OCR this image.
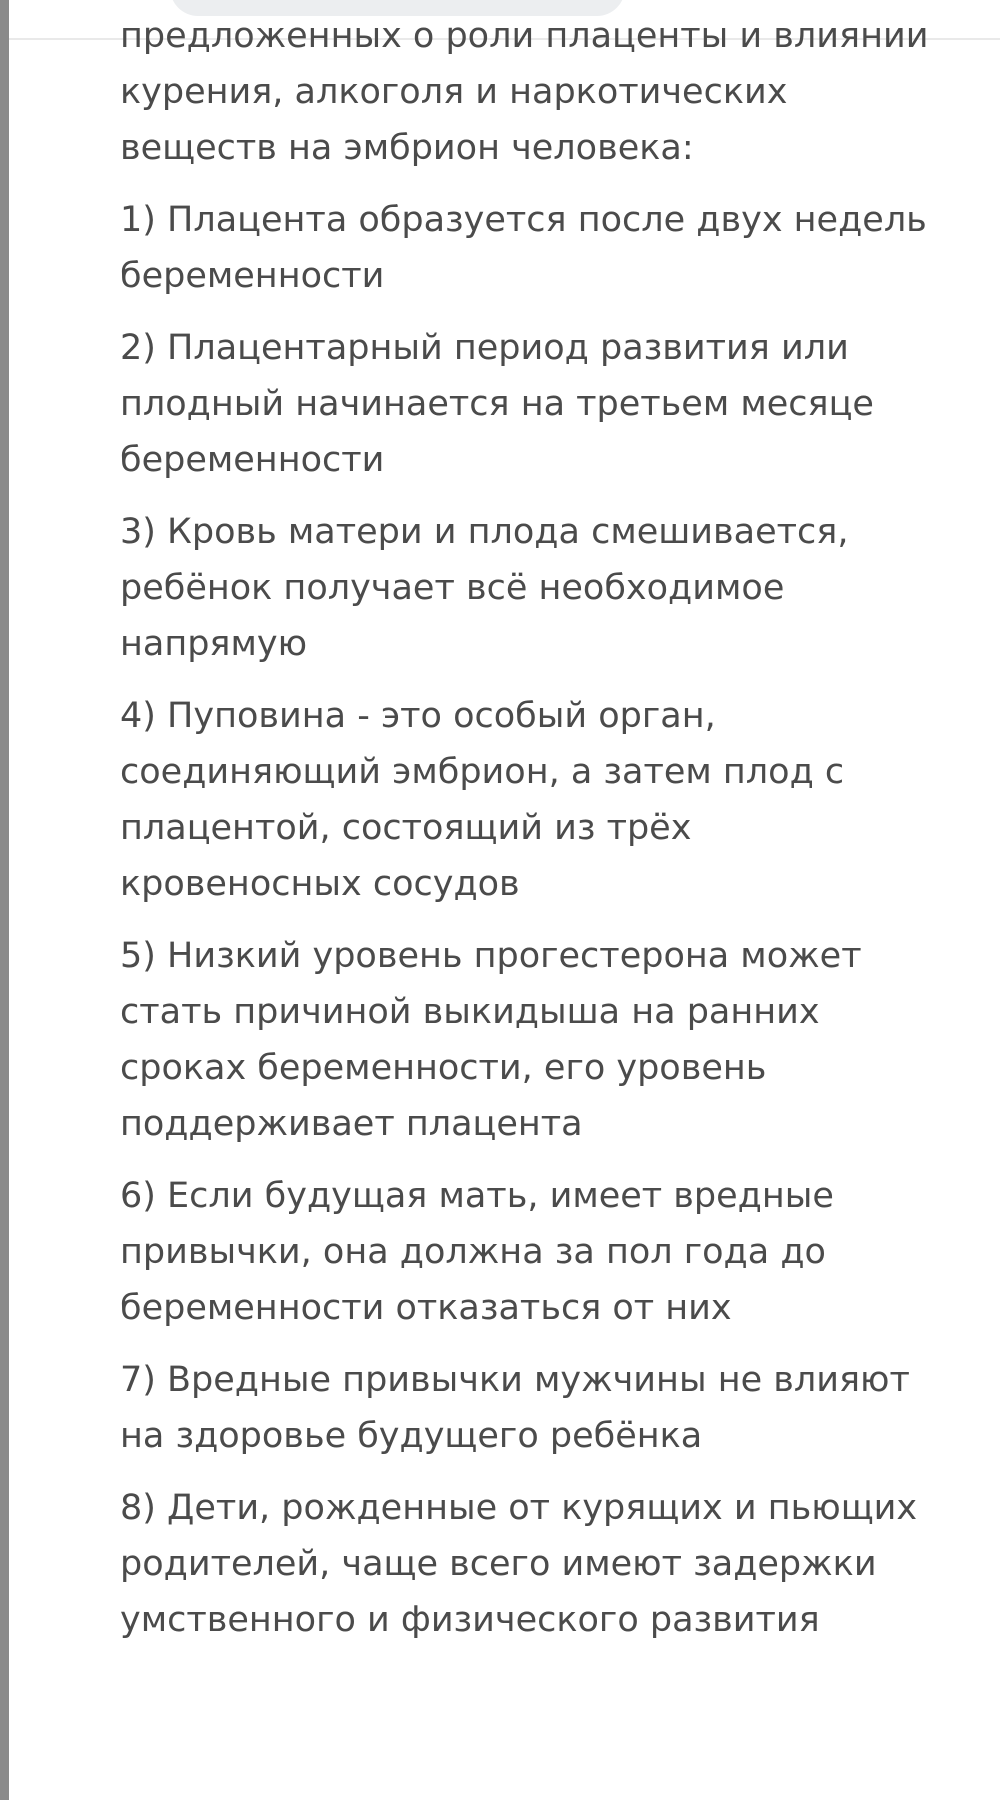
предложенных о роли плаценты и влиянии курения, алкоголя и наркотических веществ на эмбрион человека:

1) Плацента образуется после двух недель беременности

2) Плацентарный период развития или плодный начинается на третьем месяце беременности

3) Кровь матери и плода смешивается, ребёнок получает всё необходимое напрямую

4) Пуповина - это особый орган, соединяющий эмбрион, а затем плод с плацентой, состоящий из трёх кровеносных сосудов

5) Низкий уровень прогестерона может стать причиной выкидыша на ранних сроках беременности, его уровень поддерживает плацента

6) Если будущая мать, имеет вредные привычки, она должна за пол года до беременности отказаться от них

7) Вредные привычки мужчины не влияют на здоровье будущего ребёнка

8) Дети, рожденные от курящих и пьющих родителей, чаще всего имеют задержки умственного и физического развития
